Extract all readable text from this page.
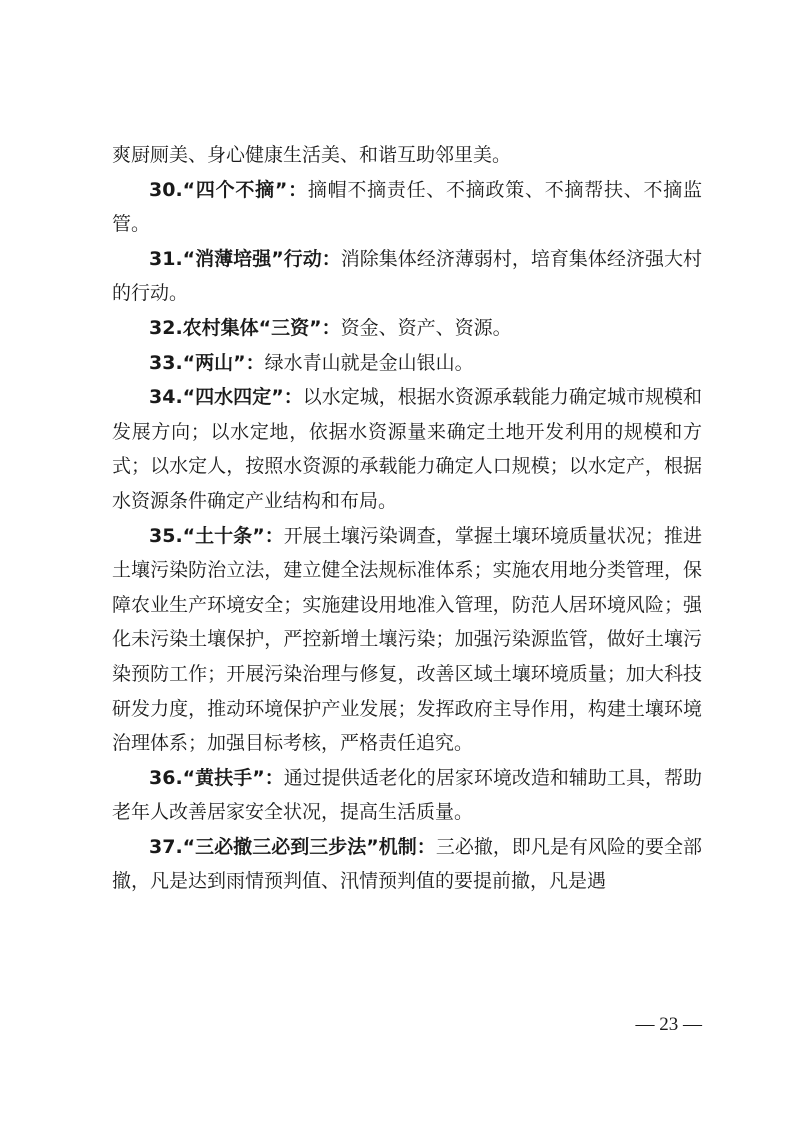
爽厨厕美、身心健康生活美、和谐互助邻里美。

30.“四个不摘”：摘帽不摘责任、不摘政策、不摘帮扶、不摘监管。

31.“消薄培强”行动：消除集体经济薄弱村，培育集体经济强大村的行动。

32.农村集体“三资”：资金、资产、资源。

33.“两山”：绿水青山就是金山银山。

34.“四水四定”：以水定城，根据水资源承载能力确定城市规模和发展方向；以水定地，依据水资源量来确定土地开发利用的规模和方式；以水定人，按照水资源的承载能力确定人口规模；以水定产，根据水资源条件确定产业结构和布局。

35.“土十条”：开展土壤污染调查，掌握土壤环境质量状况；推进土壤污染防治立法，建立健全法规标准体系；实施农用地分类管理，保障农业生产环境安全；实施建设用地准入管理，防范人居环境风险；强化未污染土壤保护，严控新增土壤污染；加强污染源监管，做好土壤污染预防工作；开展污染治理与修复，改善区域土壤环境质量；加大科技研发力度，推动环境保护产业发展；发挥政府主导作用，构建土壤环境治理体系；加强目标考核，严格责任追究。

36.“黄扶手”：通过提供适老化的居家环境改造和辅助工具，帮助老年人改善居家安全状况，提高生活质量。

37.“三必撤三必到三步法”机制：三必撤，即凡是有风险的要全部撤，凡是达到雨情预判值、汛情预判值的要提前撤，凡是遇

— 23 —
